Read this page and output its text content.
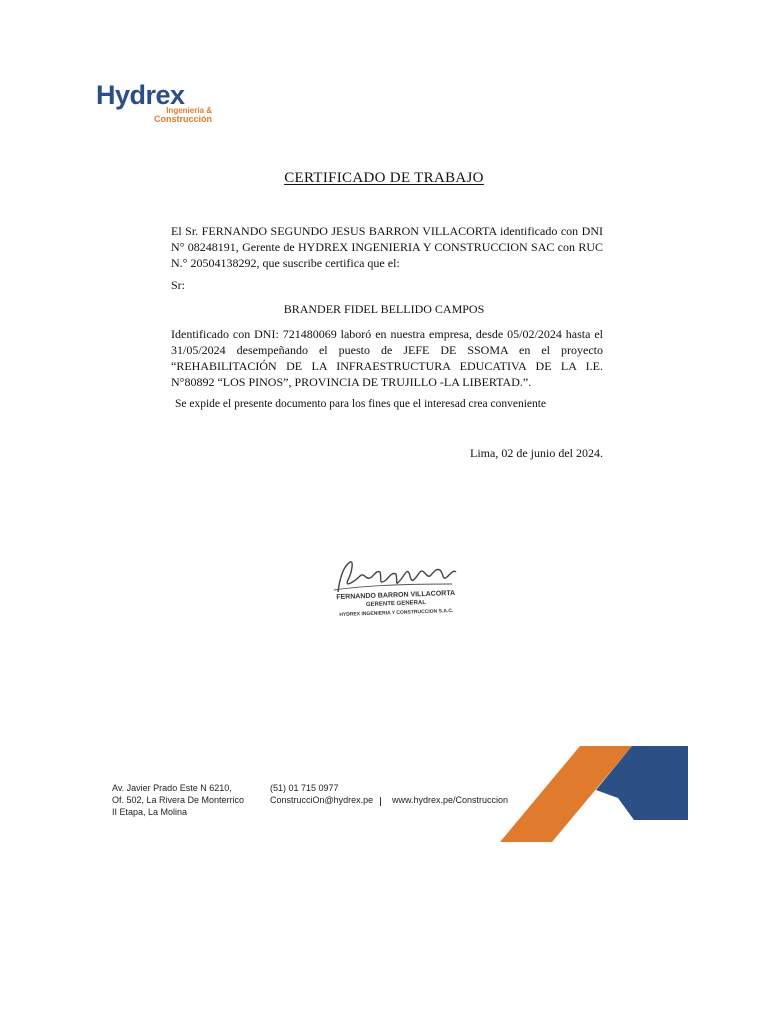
Hydrex
Ingeniería &
Construcción
CERTIFICADO DE TRABAJO
El Sr. FERNANDO SEGUNDO JESUS BARRON VILLACORTA identificado con DNI N° 08248191, Gerente de HYDREX INGENIERIA Y CONSTRUCCION SAC con RUC N.° 20504138292, que suscribe certifica que el:
Sr:
BRANDER FIDEL BELLIDO CAMPOS
Identificado con DNI: 721480069 laboró en nuestra empresa, desde 05/02/2024 hasta el 31/05/2024 desempeñando el puesto de JEFE DE SSOMA en el proyecto “REHABILITACIÓN DE LA INFRAESTRUCTURA EDUCATIVA DE LA I.E. N°80892 “LOS PINOS”, PROVINCIA DE TRUJILLO -LA LIBERTAD.”.
Se expide el presente documento para los fines que el interesad crea conveniente
Lima, 02 de junio del 2024.
FERNANDO BARRON VILLACORTA
GERENTE GENERAL
HYDREX INGENIERIA Y CONSTRUCCION S.A.C.
Av. Javier Prado Este N 6210,
Of. 502, La Rivera De Monterrico
II Etapa, La Molina
(51) 01 715 0977
ConstrucciOn@hydrex.pe www.hydrex.pe/Construccion
